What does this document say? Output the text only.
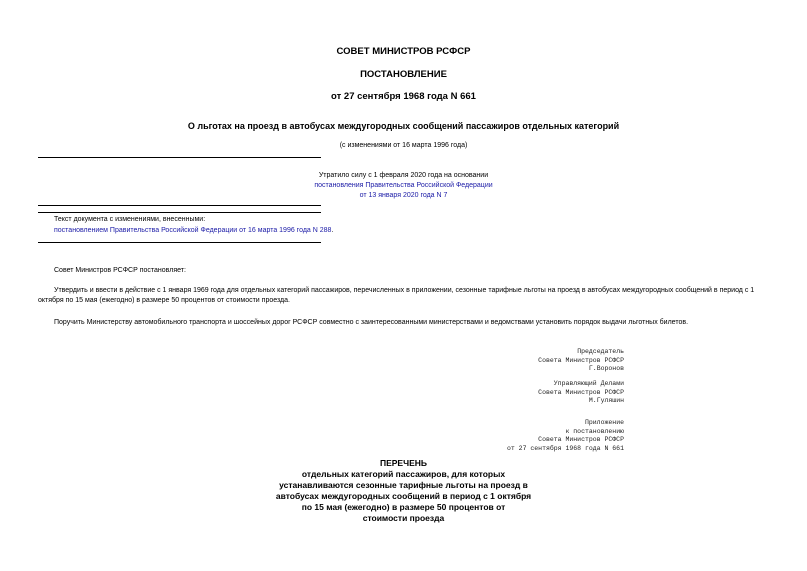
СОВЕТ МИНИСТРОВ РСФСР
ПОСТАНОВЛЕНИЕ
от 27 сентября 1968 года N 661
О льготах на проезд в автобусах междугородных сообщений пассажиров отдельных категорий
(с изменениями от 16 марта 1996 года)
Утратило силу с 1 февраля 2020 года на основании
постановления Правительства Российской Федерации
от 13 января 2020 года N 7
Текст документа с изменениями, внесенными:
постановлением Правительства Российской Федерации от 16 марта 1996 года N 288.
Совет Министров РСФСР постановляет:
Утвердить и ввести в действие с 1 января 1969 года для отдельных категорий пассажиров, перечисленных в приложении, сезонные тарифные льготы на проезд в автобусах междугородных сообщений в период с 1 октября по 15 мая (ежегодно) в размере 50 процентов от стоимости проезда.
Поручить Министерству автомобильного транспорта и шоссейных дорог РСФСР совместно с заинтересованными министерствами и ведомствами установить порядок выдачи льготных билетов.
Председатель
Совета Министров РСФСР
Г.Воронов
Управляющий Делами
Совета Министров РСФСР
М.Гуляшин
Приложение
к постановлению
Совета Министров РСФСР
от 27 сентября 1968 года N 661
ПЕРЕЧЕНЬ
отдельных категорий пассажиров, для которых
устанавливаются сезонные тарифные льготы на проезд в
автобусах междугородных сообщений в период с 1 октября
по 15 мая (ежегодно) в размере 50 процентов от
стоимости проезда
